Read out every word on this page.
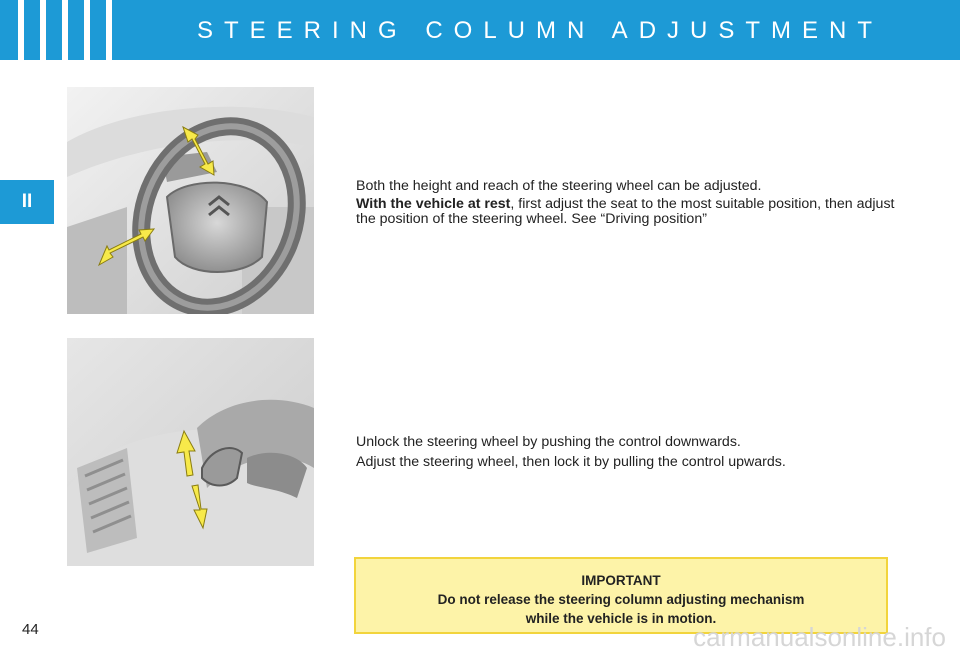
STEERING COLUMN ADJUSTMENT
II

Both the height and reach of the steering wheel can be adjusted.

With the vehicle at rest, first adjust the seat to the most suitable position, then adjust the position of the steering wheel. See “Driving position”

Unlock the steering wheel by pushing the control downwards.

Adjust the steering wheel, then lock it by pulling the control upwards.

IMPORTANT
Do not release the steering column adjusting mechanism
while the vehicle is in motion.
44	carmanualsonline.info
